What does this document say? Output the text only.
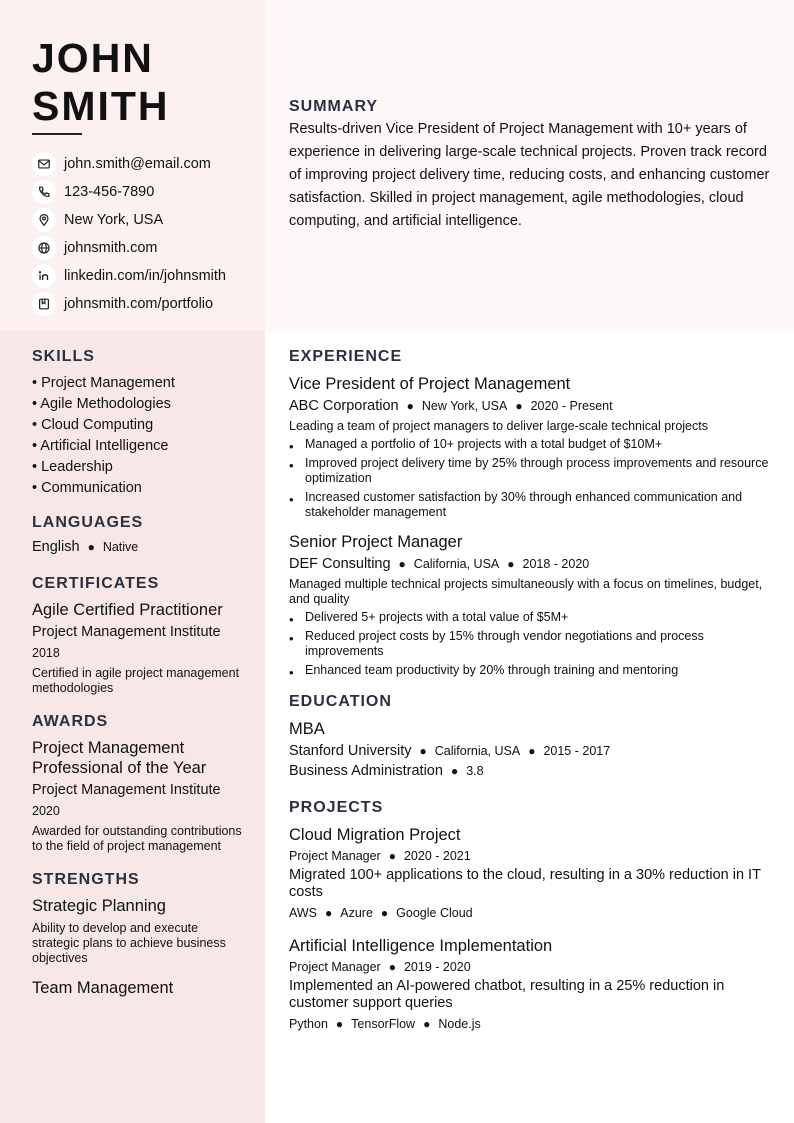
JOHN
SMITH
john.smith@email.com
123-456-7890
New York, USA
johnsmith.com
linkedin.com/in/johnsmith
johnsmith.com/portfolio
SUMMARY
Results-driven Vice President of Project Management with 10+ years of experience in delivering large-scale technical projects. Proven track record of improving project delivery time, reducing costs, and enhancing customer satisfaction. Skilled in project management, agile methodologies, cloud computing, and artificial intelligence.
SKILLS
• Project Management
• Agile Methodologies
• Cloud Computing
• Artificial Intelligence
• Leadership
• Communication
LANGUAGES
English ● Native
CERTIFICATES
Agile Certified Practitioner
Project Management Institute
2018
Certified in agile project management methodologies
AWARDS
Project Management Professional of the Year
Project Management Institute
2020
Awarded for outstanding contributions to the field of project management
STRENGTHS
Strategic Planning
Ability to develop and execute strategic plans to achieve business objectives
Team Management
EXPERIENCE
Vice President of Project Management
ABC Corporation ● New York, USA ● 2020 - Present
Leading a team of project managers to deliver large-scale technical projects
• Managed a portfolio of 10+ projects with a total budget of $10M+
• Improved project delivery time by 25% through process improvements and resource optimization
• Increased customer satisfaction by 30% through enhanced communication and stakeholder management
Senior Project Manager
DEF Consulting ● California, USA ● 2018 - 2020
Managed multiple technical projects simultaneously with a focus on timelines, budget, and quality
• Delivered 5+ projects with a total value of $5M+
• Reduced project costs by 15% through vendor negotiations and process improvements
• Enhanced team productivity by 20% through training and mentoring
EDUCATION
MBA
Stanford University ● California, USA ● 2015 - 2017
Business Administration ● 3.8
PROJECTS
Cloud Migration Project
Project Manager ● 2020 - 2021
Migrated 100+ applications to the cloud, resulting in a 30% reduction in IT costs
AWS ● Azure ● Google Cloud
Artificial Intelligence Implementation
Project Manager ● 2019 - 2020
Implemented an AI-powered chatbot, resulting in a 25% reduction in customer support queries
Python ● TensorFlow ● Node.js
